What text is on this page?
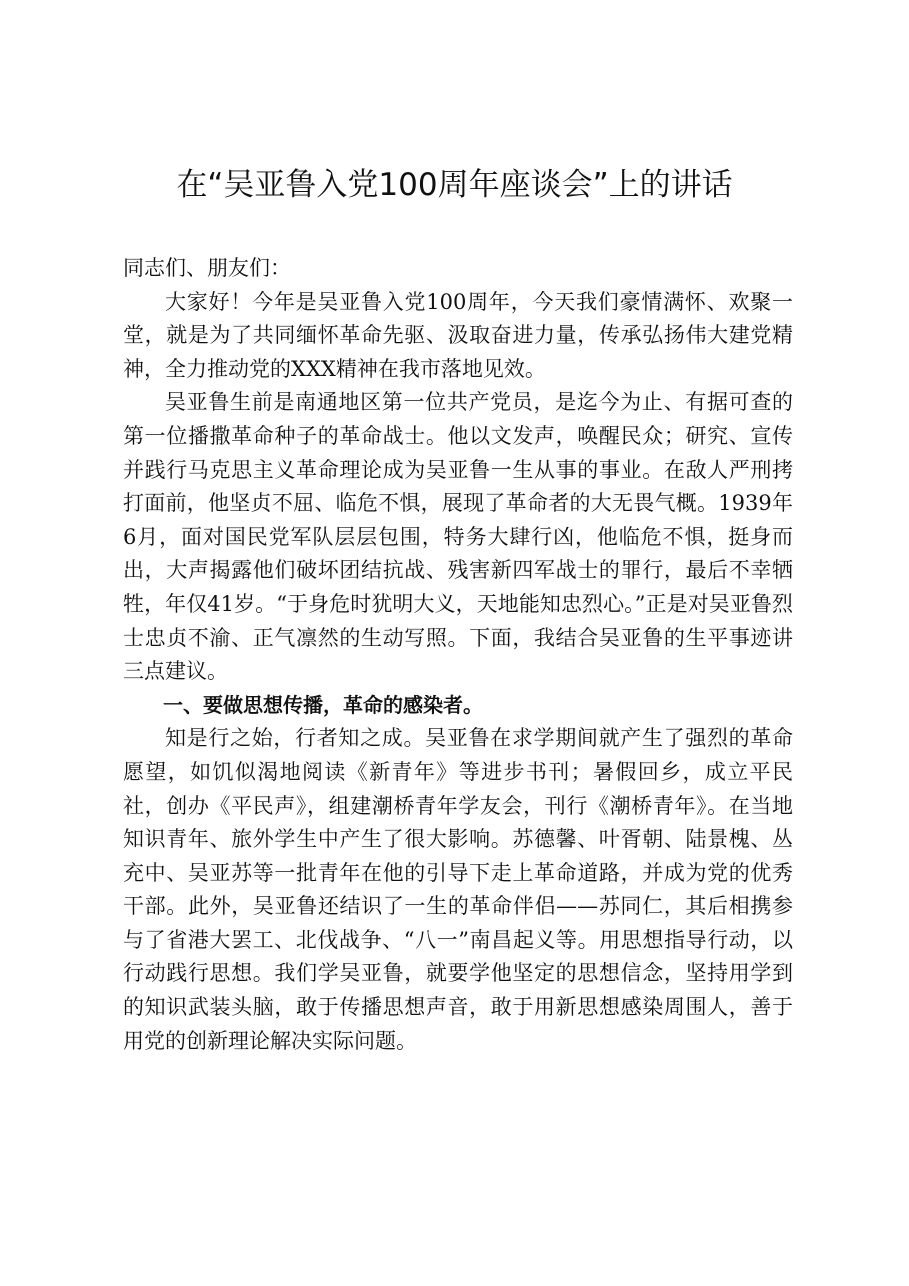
在“吴亚鲁入党100周年座谈会”上的讲话

同志们、朋友们：

大家好！今年是吴亚鲁入党100周年，今天我们豪情满怀、欢聚一堂，就是为了共同缅怀革命先驱、汲取奋进力量，传承弘扬伟大建党精神，全力推动党的XXX精神在我市落地见效。

吴亚鲁生前是南通地区第一位共产党员，是迄今为止、有据可查的第一位播撒革命种子的革命战士。他以文发声，唤醒民众；研究、宣传并践行马克思主义革命理论成为吴亚鲁一生从事的事业。在敌人严刑拷打面前，他坚贞不屈、临危不惧，展现了革命者的大无畏气概。1939年6月，面对国民党军队层层包围，特务大肆行凶，他临危不惧，挺身而出，大声揭露他们破坏团结抗战、残害新四军战士的罪行，最后不幸牺牲，年仅41岁。“于身危时犹明大义，天地能知忠烈心。”正是对吴亚鲁烈士忠贞不渝、正气凛然的生动写照。下面，我结合吴亚鲁的生平事迹讲三点建议。

一、要做思想传播，革命的感染者。

知是行之始，行者知之成。吴亚鲁在求学期间就产生了强烈的革命愿望，如饥似渴地阅读《新青年》等进步书刊；暑假回乡，成立平民社，创办《平民声》，组建潮桥青年学友会，刊行《潮桥青年》。在当地知识青年、旅外学生中产生了很大影响。苏德馨、叶胥朝、陆景槐、丛充中、吴亚苏等一批青年在他的引导下走上革命道路，并成为党的优秀干部。此外，吴亚鲁还结识了一生的革命伴侣——苏同仁，其后相携参与了省港大罢工、北伐战争、“八一”南昌起义等。用思想指导行动，以行动践行思想。我们学吴亚鲁，就要学他坚定的思想信念，坚持用学到的知识武装头脑，敢于传播思想声音，敢于用新思想感染周围人，善于用党的创新理论解决实际问题。
